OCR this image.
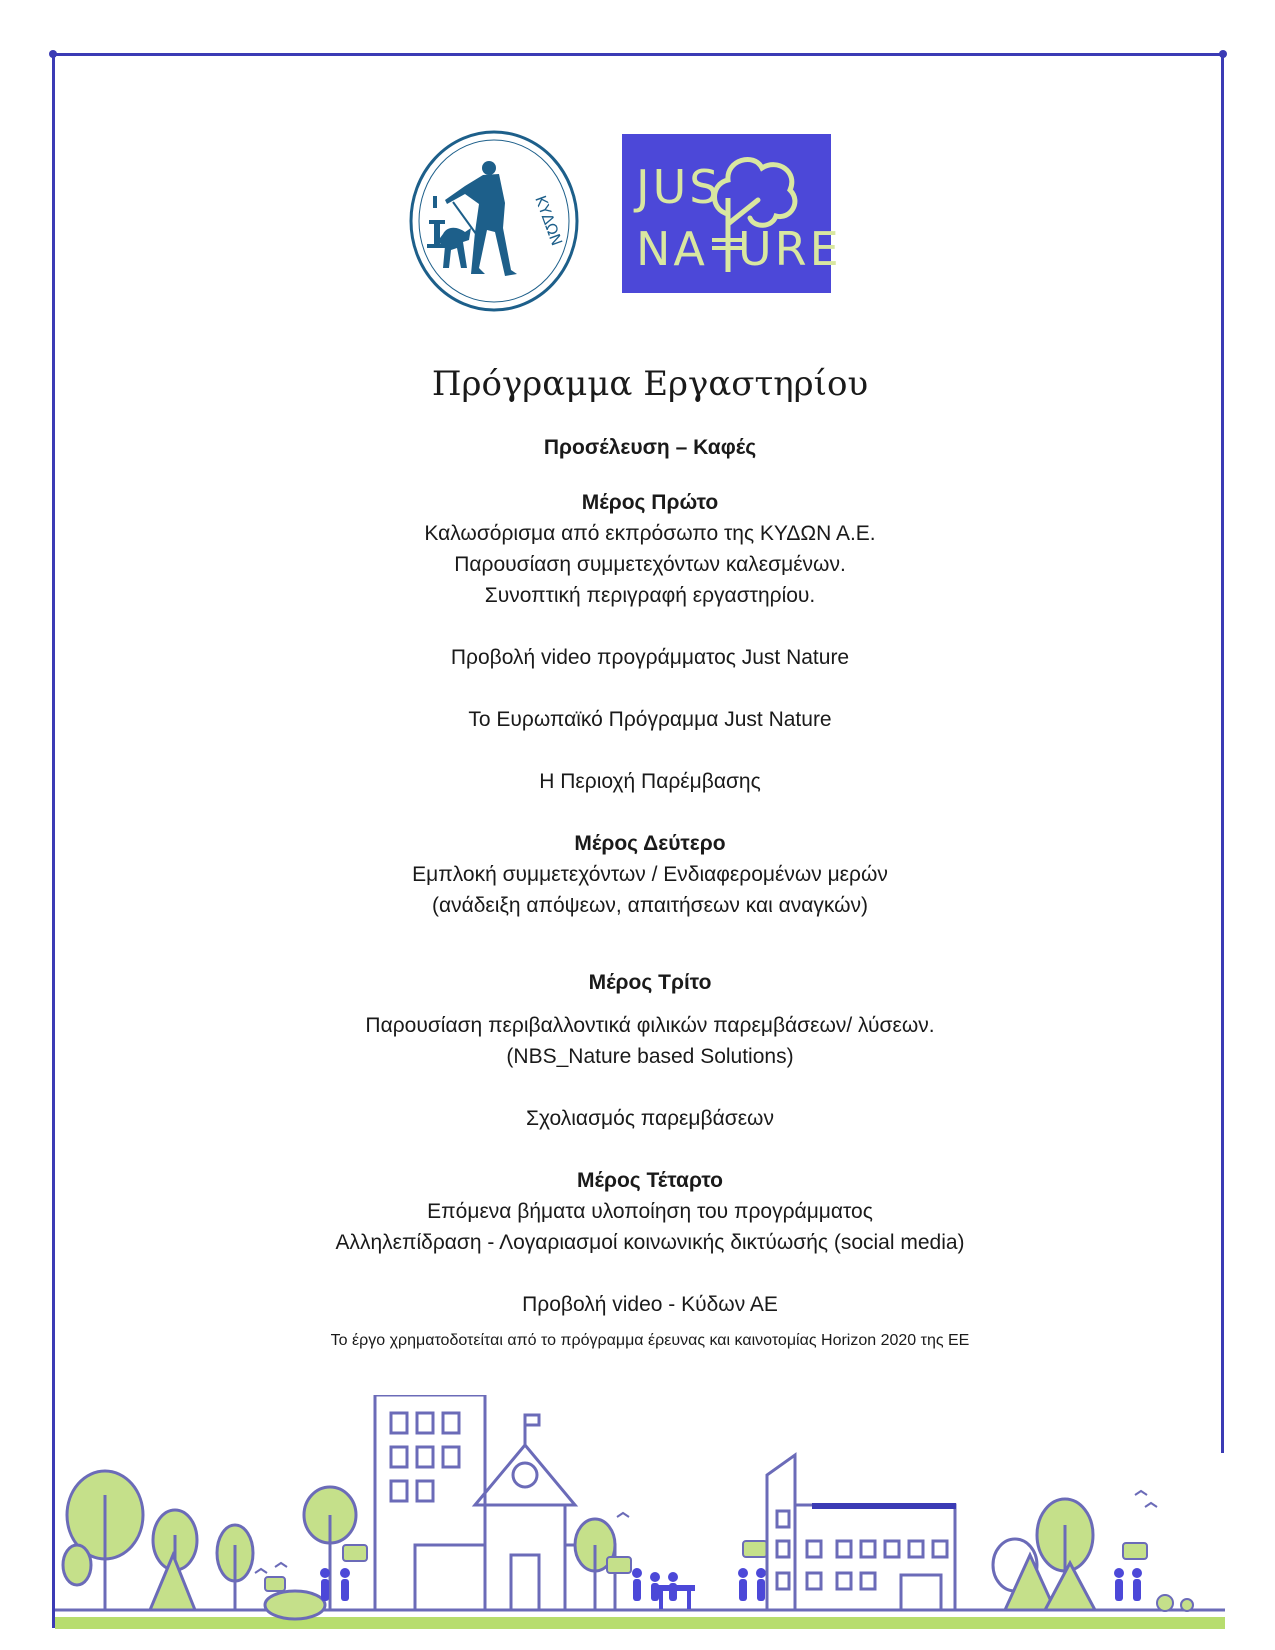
ΚΥΔΩΝ
JUS
NA URE
Πρόγραμμα Εργαστηρίου

Προσέλευση – Καφές

Μέρος Πρώτο

Καλωσόρισμα από εκπρόσωπο της ΚΥΔΩΝ Α.Ε.

Παρουσίαση συμμετεχόντων καλεσμένων.

Συνοπτική περιγραφή εργαστηρίου.

Προβολή video προγράμματος Just Nature

Το Ευρωπαϊκό Πρόγραμμα Just Nature

Η Περιοχή Παρέμβασης

Μέρος Δεύτερο

Εμπλοκή συμμετεχόντων / Ενδιαφερομένων μερών

(ανάδειξη απόψεων, απαιτήσεων και αναγκών)

Μέρος Τρίτο

Παρουσίαση περιβαλλοντικά φιλικών παρεμβάσεων/ λύσεων.

(NBS_Nature based Solutions)

Σχολιασμός παρεμβάσεων

Μέρος Τέταρτο

Επόμενα βήματα υλοποίηση του προγράμματος

Αλληλεπίδραση - Λογαριασμοί κοινωνικής δικτύωσής (social media)

Προβολή video - Κύδων ΑΕ

Το έργο χρηματοδοτείται από το πρόγραμμα έρευνας και καινοτομίας Horizon 2020 της ΕΕ
